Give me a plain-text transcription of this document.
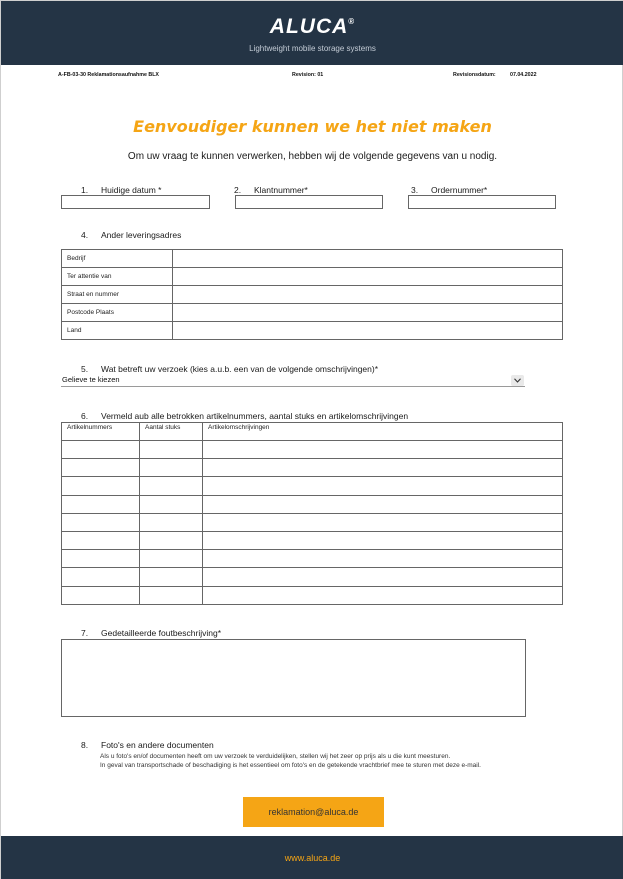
ALUCA®
Lightweight mobile storage systems
A-FB-03-30 Reklamationsaufnahme BLX	Revision: 01	Revisionsdatum:	07.04.2022
Eenvoudiger kunnen we het niet maken
Om uw vraag te kunnen verwerken, hebben wij de volgende gegevens van u nodig.
1. Huidige datum *	2. Klantnummer*	3. Ordernummer*
4. Ander leveringsadres
Bedrijf	
Ter attentie van	
Straat en nummer	
Postcode Plaats	
Land	
5. Wat betreft uw verzoek (kies a.u.b. een van de volgende omschrijvingen)*
Gelieve te kiezen
6. Vermeld aub alle betrokken artikelnummers, aantal stuks en artikelomschrijvingen
Artikelnummers	Aantal stuks	Artikelomschrijvingen

7. Gedetailleerde foutbeschrijving*
8. Foto's en andere documenten
Als u foto's en/of documenten heeft om uw verzoek te verduidelijken, stellen wij het zeer op prijs als u die kunt meesturen.
In geval van transportschade of beschadiging is het essentieel om foto's en de getekende vrachtbrief mee te sturen met deze e-mail.
reklamation@aluca.de
www.aluca.de
